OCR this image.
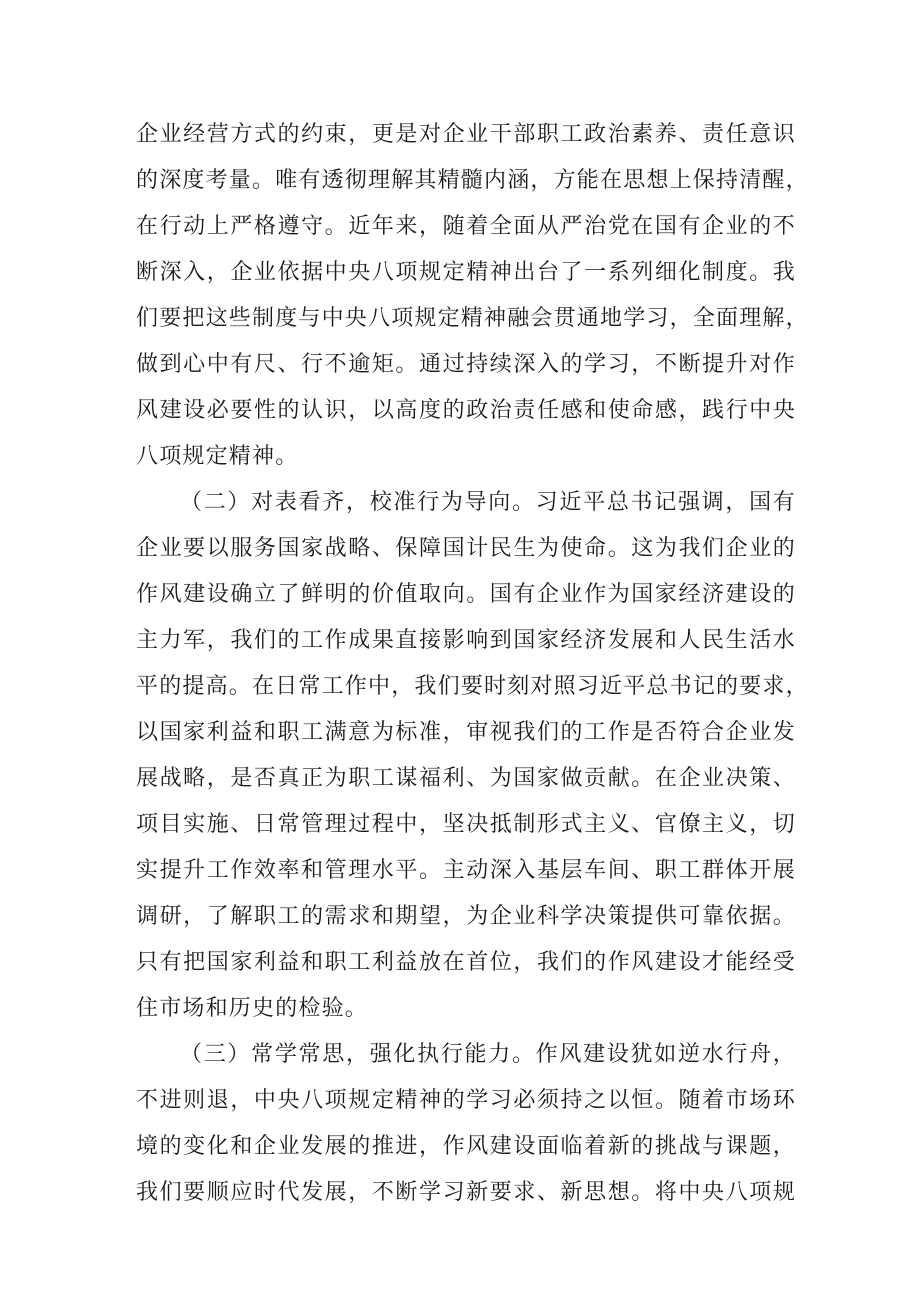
企业经营方式的约束，更是对企业干部职工政治素养、责任意识
的深度考量。唯有透彻理解其精髓内涵，方能在思想上保持清醒，
在行动上严格遵守。近年来，随着全面从严治党在国有企业的不
断深入，企业依据中央八项规定精神出台了一系列细化制度。我
们要把这些制度与中央八项规定精神融会贯通地学习，全面理解，
做到心中有尺、行不逾矩。通过持续深入的学习，不断提升对作
风建设必要性的认识，以高度的政治责任感和使命感，践行中央
八项规定精神。
（二）对表看齐，校准行为导向。习近平总书记强调，国有
企业要以服务国家战略、保障国计民生为使命。这为我们企业的
作风建设确立了鲜明的价值取向。国有企业作为国家经济建设的
主力军，我们的工作成果直接影响到国家经济发展和人民生活水
平的提高。在日常工作中，我们要时刻对照习近平总书记的要求，
以国家利益和职工满意为标准，审视我们的工作是否符合企业发
展战略，是否真正为职工谋福利、为国家做贡献。在企业决策、
项目实施、日常管理过程中，坚决抵制形式主义、官僚主义，切
实提升工作效率和管理水平。主动深入基层车间、职工群体开展
调研，了解职工的需求和期望，为企业科学决策提供可靠依据。
只有把国家利益和职工利益放在首位，我们的作风建设才能经受
住市场和历史的检验。
（三）常学常思，强化执行能力。作风建设犹如逆水行舟，
不进则退，中央八项规定精神的学习必须持之以恒。随着市场环
境的变化和企业发展的推进，作风建设面临着新的挑战与课题，
我们要顺应时代发展，不断学习新要求、新思想。将中央八项规
